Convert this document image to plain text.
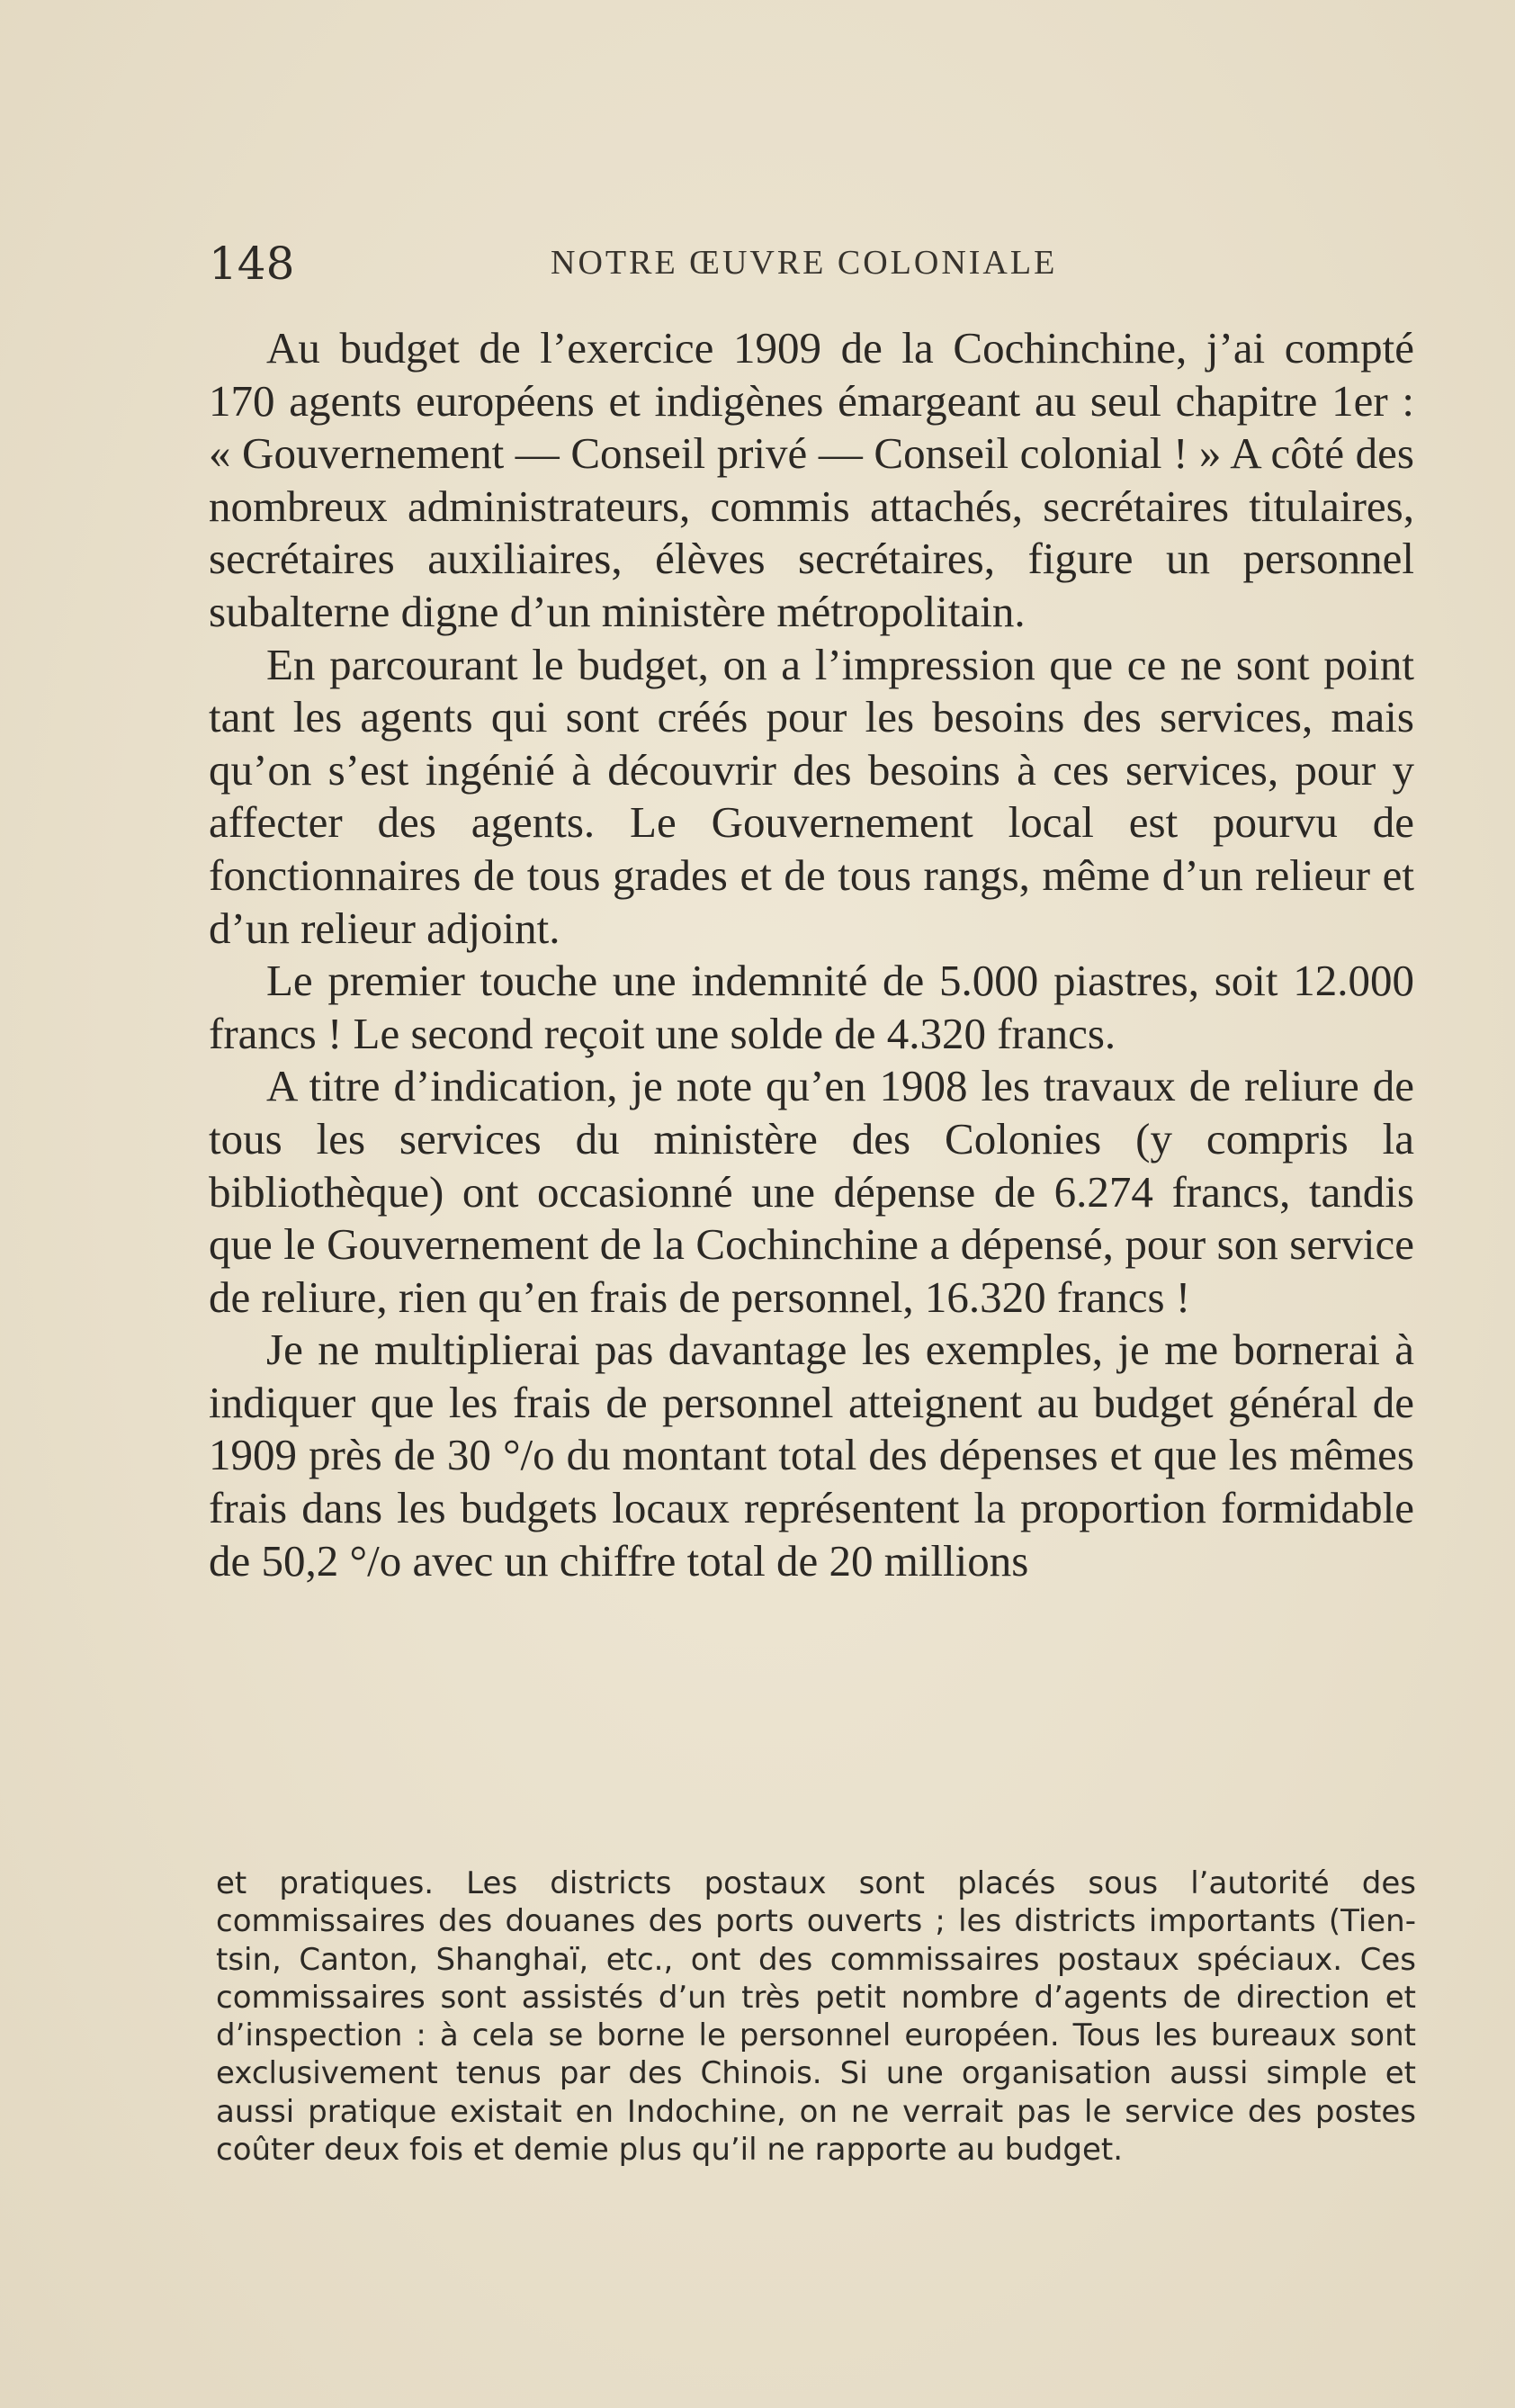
148	NOTRE ŒUVRE COLONIALE

Au budget de l’exercice 1909 de la Cochinchine, j’ai compté 170 agents européens et indigènes émargeant au seul chapitre 1er : « Gouvernement — Conseil privé — Conseil colonial ! » A côté des nombreux administrateurs, commis attachés, secrétaires titulaires, secrétaires auxiliaires, élèves secrétaires, figure un personnel subalterne digne d’un ministère métropolitain.

En parcourant le budget, on a l’impression que ce ne sont point tant les agents qui sont créés pour les besoins des services, mais qu’on s’est ingénié à découvrir des besoins à ces services, pour y affecter des agents. Le Gouvernement local est pourvu de fonctionnaires de tous grades et de tous rangs, même d’un relieur et d’un relieur adjoint.

Le premier touche une indemnité de 5.000 piastres, soit 12.000 francs ! Le second reçoit une solde de 4.320 francs.

A titre d’indication, je note qu’en 1908 les travaux de reliure de tous les services du ministère des Colonies (y compris la bibliothèque) ont occasionné une dépense de 6.274 francs, tandis que le Gouvernement de la Cochinchine a dépensé, pour son service de reliure, rien qu’en frais de personnel, 16.320 francs !

Je ne multiplierai pas davantage les exemples, je me bornerai à indiquer que les frais de personnel atteignent au budget général de 1909 près de 30 °/o du montant total des dépenses et que les mêmes frais dans les budgets locaux représentent la proportion formidable de 50,2 °/o avec un chiffre total de 20 millions

et pratiques. Les districts postaux sont placés sous l’autorité des commissaires des douanes des ports ouverts ; les districts importants (Tien-tsin, Canton, Shanghaï, etc., ont des commissaires postaux spéciaux. Ces commissaires sont assistés d’un très petit nombre d’agents de direction et d’inspection : à cela se borne le personnel européen. Tous les bureaux sont exclusivement tenus par des Chinois. Si une organisation aussi simple et aussi pratique existait en Indochine, on ne verrait pas le service des postes coûter deux fois et demie plus qu’il ne rapporte au budget.
